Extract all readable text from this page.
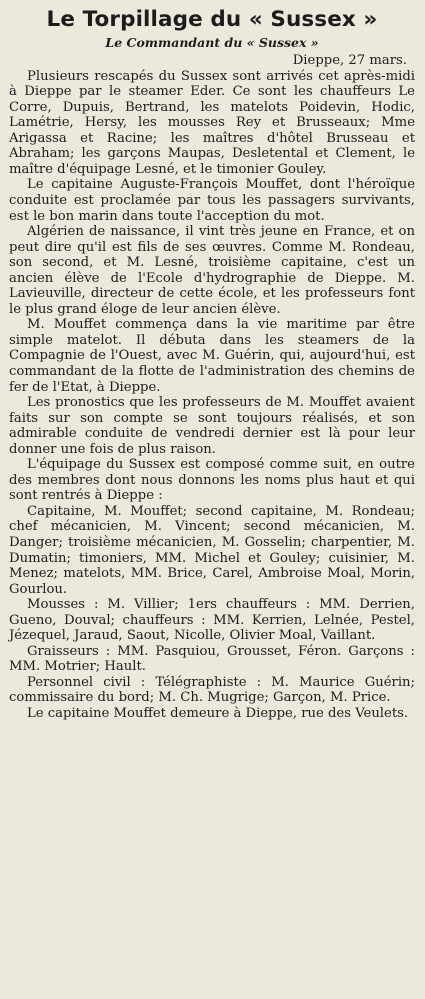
Le Torpillage du « Sussex »
Le Commandant du « Sussex »
Dieppe, 27 mars.

Plusieurs rescapés du Sussex sont arrivés cet après-midi à Dieppe par le steamer Eder. Ce sont les chauffeurs Le Corre, Dupuis, Bertrand, les matelots Poidevin, Hodic, Lamétrie, Hersy, les mousses Rey et Brusseaux; Mme Arigassa et Racine; les maîtres d'hôtel Brusseau et Abraham; les garçons Maupas, Desletental et Clement, le maître d'équipage Lesné, et le timonier Gouley.

Le capitaine Auguste-François Mouffet, dont l'héroïque conduite est proclamée par tous les passagers survivants, est le bon marin dans toute l'acception du mot.

Algérien de naissance, il vint très jeune en France, et on peut dire qu'il est fils de ses œuvres. Comme M. Rondeau, son second, et M. Lesné, troisième capitaine, c'est un ancien élève de l'Ecole d'hydrographie de Dieppe. M. Lavieuville, directeur de cette école, et les professeurs font le plus grand éloge de leur ancien élève.

M. Mouffet commença dans la vie maritime par être simple matelot. Il débuta dans les steamers de la Compagnie de l'Ouest, avec M. Guérin, qui, aujourd'hui, est commandant de la flotte de l'administration des chemins de fer de l'Etat, à Dieppe.

Les pronostics que les professeurs de M. Mouffet avaient faits sur son compte se sont toujours réalisés, et son admirable conduite de vendredi dernier est là pour leur donner une fois de plus raison.

L'équipage du Sussex est composé comme suit, en outre des membres dont nous donnons les noms plus haut et qui sont rentrés à Dieppe :

Capitaine, M. Mouffet; second capitaine, M. Rondeau; chef mécanicien, M. Vincent; second mécanicien, M. Danger; troisième mécanicien, M. Gosselin; charpentier, M. Dumatin; timoniers, MM. Michel et Gouley; cuisinier, M. Menez; matelots, MM. Brice, Carel, Ambroise Moal, Morin, Gourlou.

Mousses : M. Villier; 1ers chauffeurs : MM. Derrien, Gueno, Douval; chauffeurs : MM. Kerrien, Lelnée, Pestel, Jézequel, Jaraud, Saout, Nicolle, Olivier Moal, Vaillant.

Graisseurs : MM. Pasquiou, Grousset, Féron. Garçons : MM. Motrier; Hault.

Personnel civil : Télégraphiste : M. Maurice Guérin; commissaire du bord; M. Ch. Mugrige; Garçon, M. Price.

Le capitaine Mouffet demeure à Dieppe, rue des Veulets.
